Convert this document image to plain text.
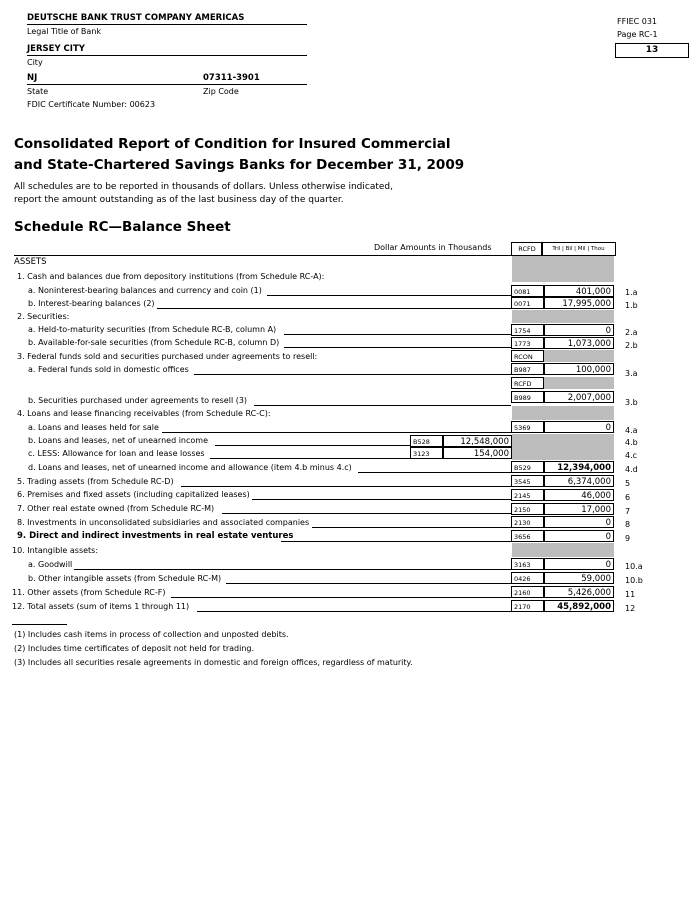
DEUTSCHE BANK TRUST COMPANY AMERICAS
Legal Title of Bank
JERSEY CITY
City
NJ	07311-3901
State	Zip Code
FDIC Certificate Number: 00623
FFIEC 031
Page RC-1
13
Consolidated Report of Condition for Insured Commercial
and State-Chartered Savings Banks for December 31, 2009
All schedules are to be reported in thousands of dollars. Unless otherwise indicated,
report the amount outstanding as of the last business day of the quarter.
Schedule RC—Balance Sheet
Dollar Amounts in Thousands	RCFD	Tril | Bil | Mil | Thou
ASSETS
1. Cash and balances due from depository institutions (from Schedule RC-A):
a. Noninterest-bearing balances and currency and coin (1)	0081	401,000	1.a
b. Interest-bearing balances (2)	0071	17,995,000	1.b
2. Securities:
a. Held-to-maturity securities (from Schedule RC-B, column A)	1754	0	2.a
b. Available-for-sale securities (from Schedule RC-B, column D)	1773	1,073,000	2.b
3. Federal funds sold and securities purchased under agreements to resell:	RCON
a. Federal funds sold in domestic offices	B987	100,000	3.a
RCFD
b. Securities purchased under agreements to resell (3)	B989	2,007,000	3.b
4. Loans and lease financing receivables (from Schedule RC-C):
a. Loans and leases held for sale	5369	0	4.a
b. Loans and leases, net of unearned income	B528	12,548,000	4.b
c. LESS: Allowance for loan and lease losses	3123	154,000	4.c
d. Loans and leases, net of unearned income and allowance (item 4.b minus 4.c)	B529	12,394,000	4.d
5. Trading assets (from Schedule RC-D)	3545	6,374,000	5
6. Premises and fixed assets (including capitalized leases)	2145	46,000	6
7. Other real estate owned (from Schedule RC-M)	2150	17,000	7
8. Investments in unconsolidated subsidiaries and associated companies	2130	0	8
9. Direct and indirect investments in real estate ventures	3656	0	9
10. Intangible assets:
a. Goodwill	3163	0	10.a
b. Other intangible assets (from Schedule RC-M)	0426	59,000	10.b
11. Other assets (from Schedule RC-F)	2160	5,426,000	11
12. Total assets (sum of items 1 through 11)	2170	45,892,000	12
(1) Includes cash items in process of collection and unposted debits.
(2) Includes time certificates of deposit not held for trading.
(3) Includes all securities resale agreements in domestic and foreign offices, regardless of maturity.
